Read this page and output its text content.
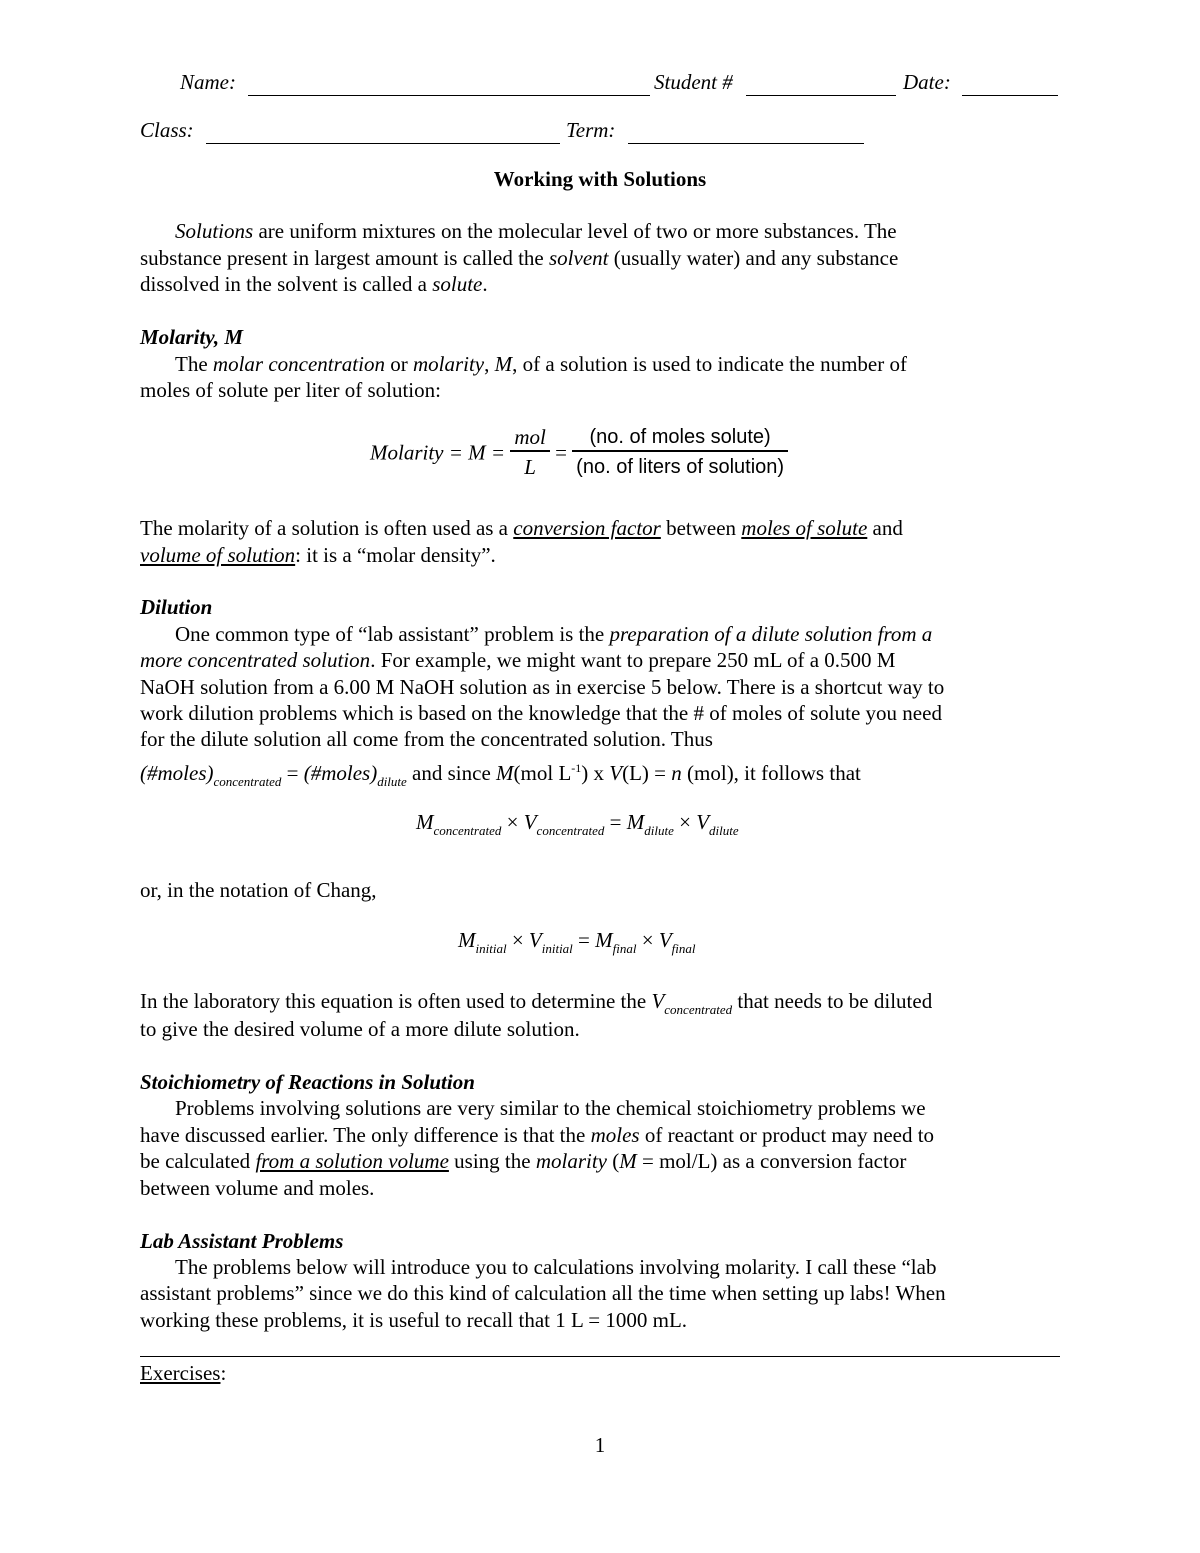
Name:	Student #	Date:
Class:	Term:
Working with Solutions
Solutions are uniform mixtures on the molecular level of two or more substances. The
substance present in largest amount is called the solvent (usually water) and any substance
dissolved in the solvent is called a solute.
Molarity, M
The molar concentration or molarity, M, of a solution is used to indicate the number of
moles of solute per liter of solution:
Molarity = $M = \frac{\text{mol}}{L} = \frac{\text{(no. of moles solute)}}{\text{(no. of liters of solution)}}$
The molarity of a solution is often used as a conversion factor between moles of solute and
volume of solution: it is a “molar density”.
Dilution
One common type of “lab assistant” problem is the preparation of a dilute solution from a
more concentrated solution. For example, we might want to prepare 250 mL of a 0.500 M
NaOH solution from a 6.00 M NaOH solution as in exercise 5 below. There is a shortcut way to
work dilution problems which is based on the knowledge that the # of moles of solute you need
for the dilute solution all come from the concentrated solution. Thus
$(\#moles)_{concentrated}$ = $(\#moles)_{dilute}$ and since M(mol $L^{-1}$) x V(L) = n (mol), it follows that
$M_{concentrated} \times V_{concentrated} = M_{dilute} \times V_{dilute}$
or, in the notation of Chang,
$M_{initial} \times V_{initial} = M_{final} \times V_{final}$
In the laboratory this equation is often used to determine the $V_{concentrated}$ that needs to be diluted
to give the desired volume of a more dilute solution.
Stoichiometry of Reactions in Solution
Problems involving solutions are very similar to the chemical stoichiometry problems we
have discussed earlier. The only difference is that the moles of reactant or product may need to
be calculated from a solution volume using the molarity (M = mol/L) as a conversion factor
between volume and moles.
Lab Assistant Problems
The problems below will introduce you to calculations involving molarity. I call these “lab
assistant problems” since we do this kind of calculation all the time when setting up labs! When
working these problems, it is useful to recall that 1 L = 1000 mL.
Exercises:
1
